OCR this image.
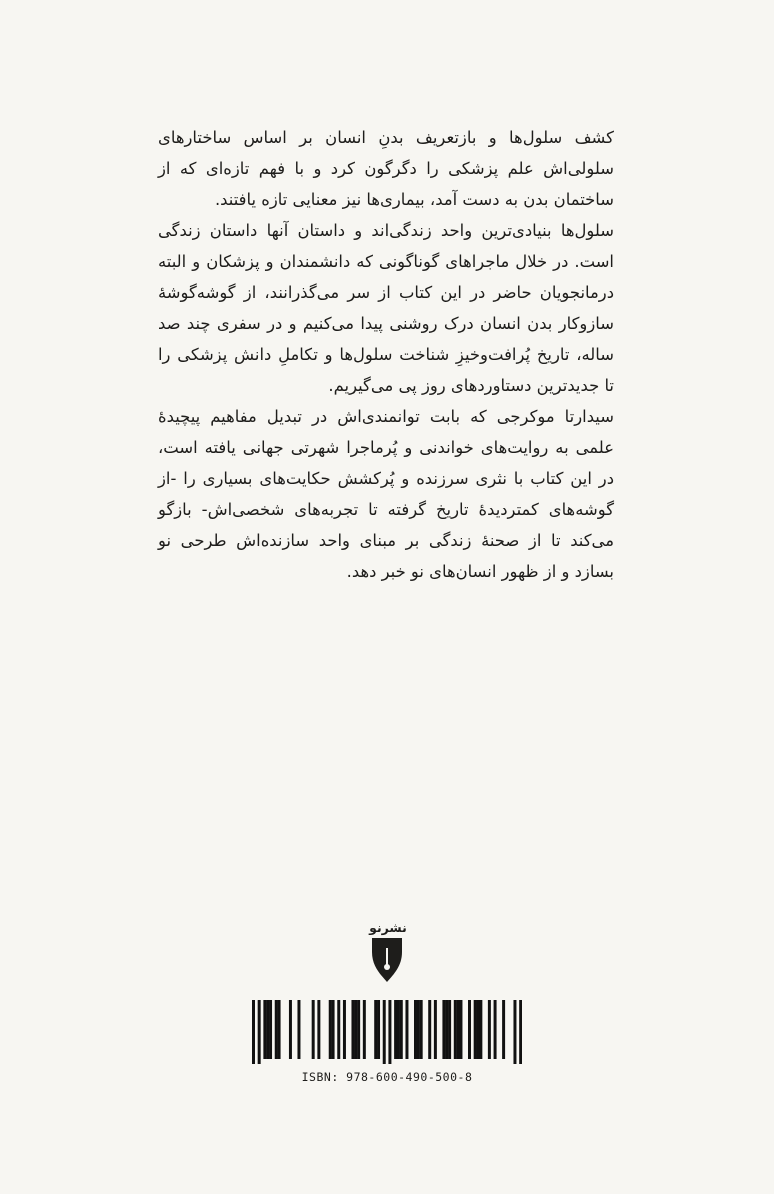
کشف سلول‌ها و بازتعریف بدنِ انسان بر اساس ساختارهای سلولی‌اش علم پزشکی را دگرگون کرد و با فهم تازه‌ای که از ساختمان بدن به دست آمد، بیماری‌ها نیز معنایی تازه یافتند.

سلول‌ها بنیادی‌ترین واحد زندگی‌اند و داستان آنها داستان زندگی است. در خلال ماجراهای گوناگونی که دانشمندان و پزشکان و البته درمانجویان حاضر در این کتاب از سر می‌گذرانند، از گوشه‌گوشهٔ سازوکار بدن انسان درک روشنی پیدا می‌کنیم و در سفری چند صد ساله، تاریخ پُرافت‌وخیزِ شناخت سلول‌ها و تکاملِ دانش پزشکی را تا جدیدترین دستاوردهای روز پی می‌گیریم.

سیدارتا موکرجی که بابت توانمندی‌اش در تبدیل مفاهیم پیچیدهٔ علمی به روایت‌های خواندنی و پُرماجرا شهرتی جهانی یافته است، در این کتاب با نثری سرزنده و پُرکشش حکایت‌های بسیاری را -از گوشه‌های کمتردیدهٔ تاریخ گرفته تا تجربه‌های شخصی‌اش- بازگو می‌کند تا از صحنهٔ زندگی بر مبنای واحد سازنده‌اش طرحی نو بسازد و از ظهور انسان‌های نو خبر دهد.

نشرنو
ISBN: 978-600-490-500-8
